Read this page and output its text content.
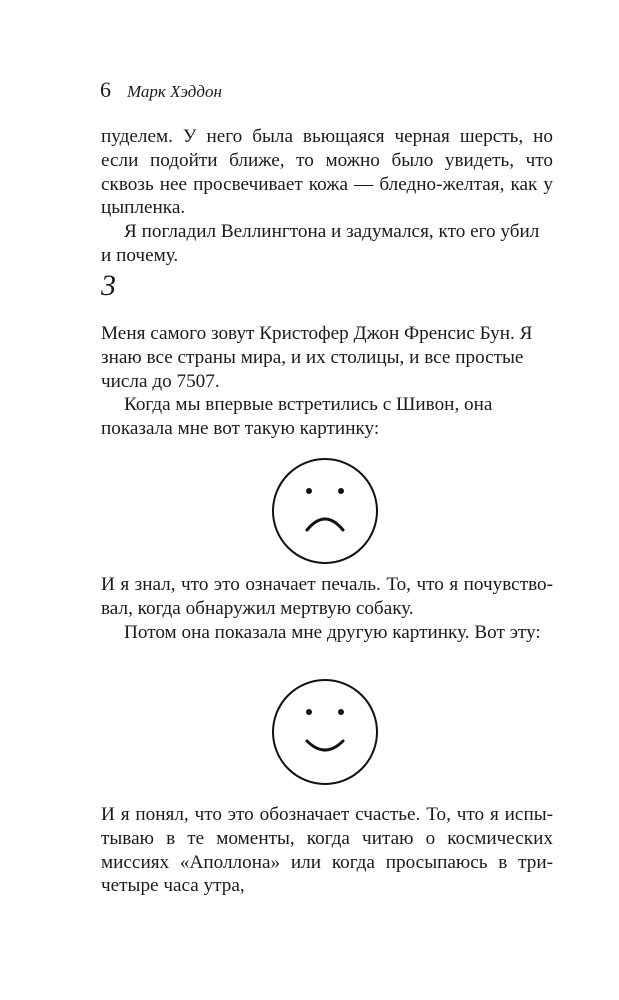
6 Марк Хэддон

пуделем. У него была вьющаяся черная шерсть, но если подойти ближе, то можно было увидеть, что сквозь нее просвечивает кожа — бледно-желтая, как у цыпленка.

Я погладил Веллингтона и задумался, кто его убил и почему.

3

Меня самого зовут Кристофер Джон Френсис Бун. Я знаю все страны мира, и их столицы, и все простые числа до 7507.

Когда мы впервые встретились с Шивон, она показала мне вот такую картинку:

И я знал, что это означает печаль. То, что я почувствовал, когда обнаружил мертвую собаку.

Потом она показала мне другую картинку. Вот эту:

И я понял, что это обозначает счастье. То, что я испытываю в те моменты, когда читаю о космических миссиях «Аполлона» или когда просыпаюсь в три-четыре часа утра,
